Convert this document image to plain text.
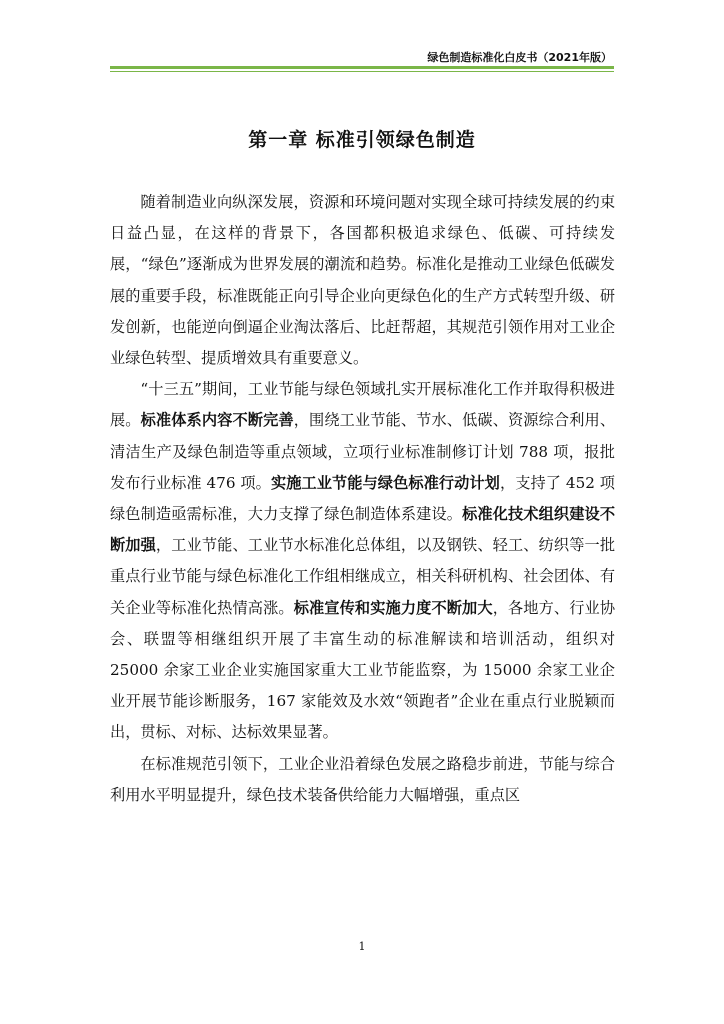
绿色制造标准化白皮书（2021年版）
第一章 标准引领绿色制造

随着制造业向纵深发展，资源和环境问题对实现全球可持续发展的约束日益凸显，在这样的背景下，各国都积极追求绿色、低碳、可持续发展，“绿色”逐渐成为世界发展的潮流和趋势。标准化是推动工业绿色低碳发展的重要手段，标准既能正向引导企业向更绿色化的生产方式转型升级、研发创新，也能逆向倒逼企业淘汰落后、比赶帮超，其规范引领作用对工业企业绿色转型、提质增效具有重要意义。

“十三五”期间，工业节能与绿色领域扎实开展标准化工作并取得积极进展。标准体系内容不断完善，围绕工业节能、节水、低碳、资源综合利用、清洁生产及绿色制造等重点领域，立项行业标准制修订计划 788 项，报批发布行业标准 476 项。实施工业节能与绿色标准行动计划，支持了 452 项绿色制造亟需标准，大力支撑了绿色制造体系建设。标准化技术组织建设不断加强，工业节能、工业节水标准化总体组，以及钢铁、轻工、纺织等一批重点行业节能与绿色标准化工作组相继成立，相关科研机构、社会团体、有关企业等标准化热情高涨。标准宣传和实施力度不断加大，各地方、行业协会、联盟等相继组织开展了丰富生动的标准解读和培训活动，组织对 25000 余家工业企业实施国家重大工业节能监察，为 15000 余家工业企业开展节能诊断服务，167 家能效及水效“领跑者”企业在重点行业脱颖而出，贯标、对标、达标效果显著。

在标准规范引领下，工业企业沿着绿色发展之路稳步前进，节能与综合利用水平明显提升，绿色技术装备供给能力大幅增强，重点区

1
